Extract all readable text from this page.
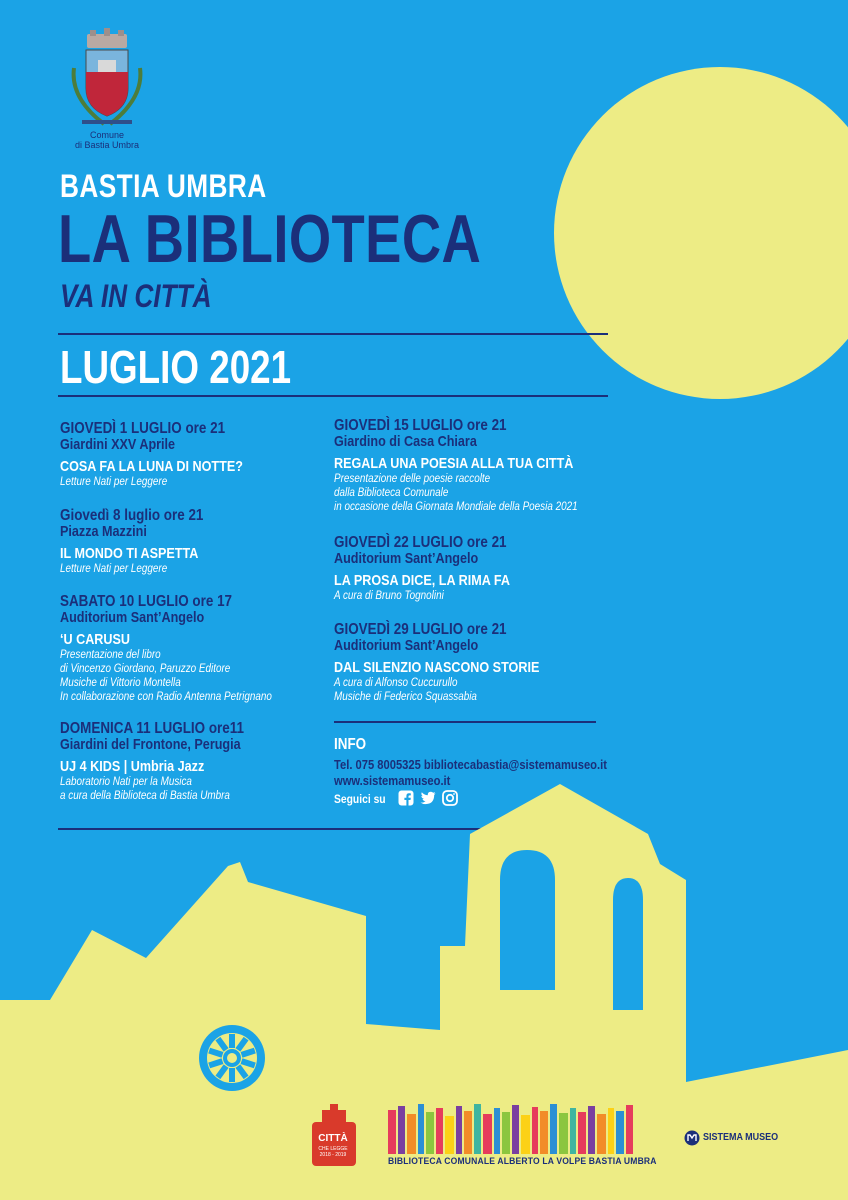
Comune
di Bastia Umbra
BASTIA UMBRA
LA BIBLIOTECA
VA IN CITTÀ
LUGLIO 2021
GIOVEDÌ 1 LUGLIO ore 21
Giardini XXV Aprile
COSA FA LA LUNA DI NOTTE?
Letture Nati per Leggere
Giovedì 8 luglio ore 21
Piazza Mazzini
IL MONDO TI ASPETTA
Letture Nati per Leggere
SABATO 10 LUGLIO ore 17
Auditorium Sant’Angelo
‘U CARUSU
Presentazione del libro
di Vincenzo Giordano, Paruzzo Editore
Musiche di Vittorio Montella
In collaborazione con Radio Antenna Petrignano
DOMENICA 11 LUGLIO ore11
Giardini del Frontone, Perugia
UJ 4 KIDS | Umbria Jazz
Laboratorio Nati per la Musica
a cura della Biblioteca di Bastia Umbra
GIOVEDÌ 15 LUGLIO ore 21
Giardino di Casa Chiara
REGALA UNA POESIA ALLA TUA CITTÀ
Presentazione delle poesie raccolte
dalla Biblioteca Comunale
in occasione della Giornata Mondiale della Poesia 2021
GIOVEDÌ 22 LUGLIO ore 21
Auditorium Sant’Angelo
LA PROSA DICE, LA RIMA FA
A cura di Bruno Tognolini
GIOVEDÌ 29 LUGLIO ore 21
Auditorium Sant’Angelo
DAL SILENZIO NASCONO STORIE
A cura di Alfonso Cuccurullo
Musiche di Federico Squassabia
INFO
Tel. 075 8005325 bibliotecabastia@sistemamuseo.it
www.sistemamuseo.it
Seguici su
CITTÀ
CHE LEGGE
2018 - 2019
BIBLIOTECA COMUNALE ALBERTO LA VOLPE BASTIA UMBRA
SISTEMA MUSEO
